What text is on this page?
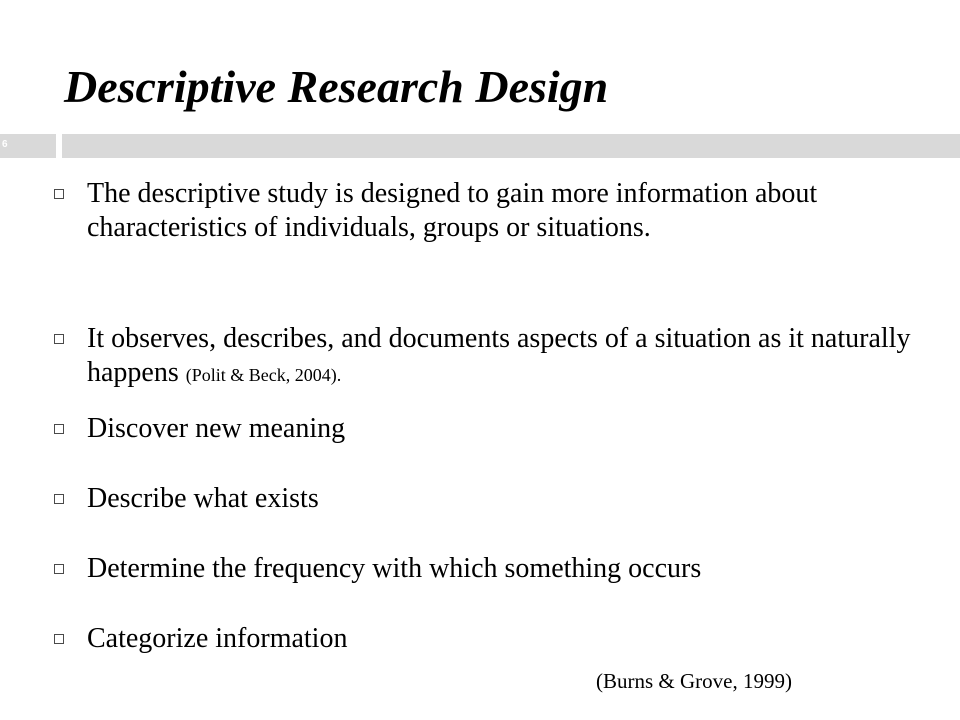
Descriptive Research Design
6

The descriptive study is designed to gain more information about characteristics of individuals, groups or situations.

It observes, describes, and documents aspects of a situation as it naturally happens (Polit & Beck, 2004).

Discover new meaning

Describe what exists

Determine the frequency with which something occurs

Categorize information

(Burns & Grove, 1999)
